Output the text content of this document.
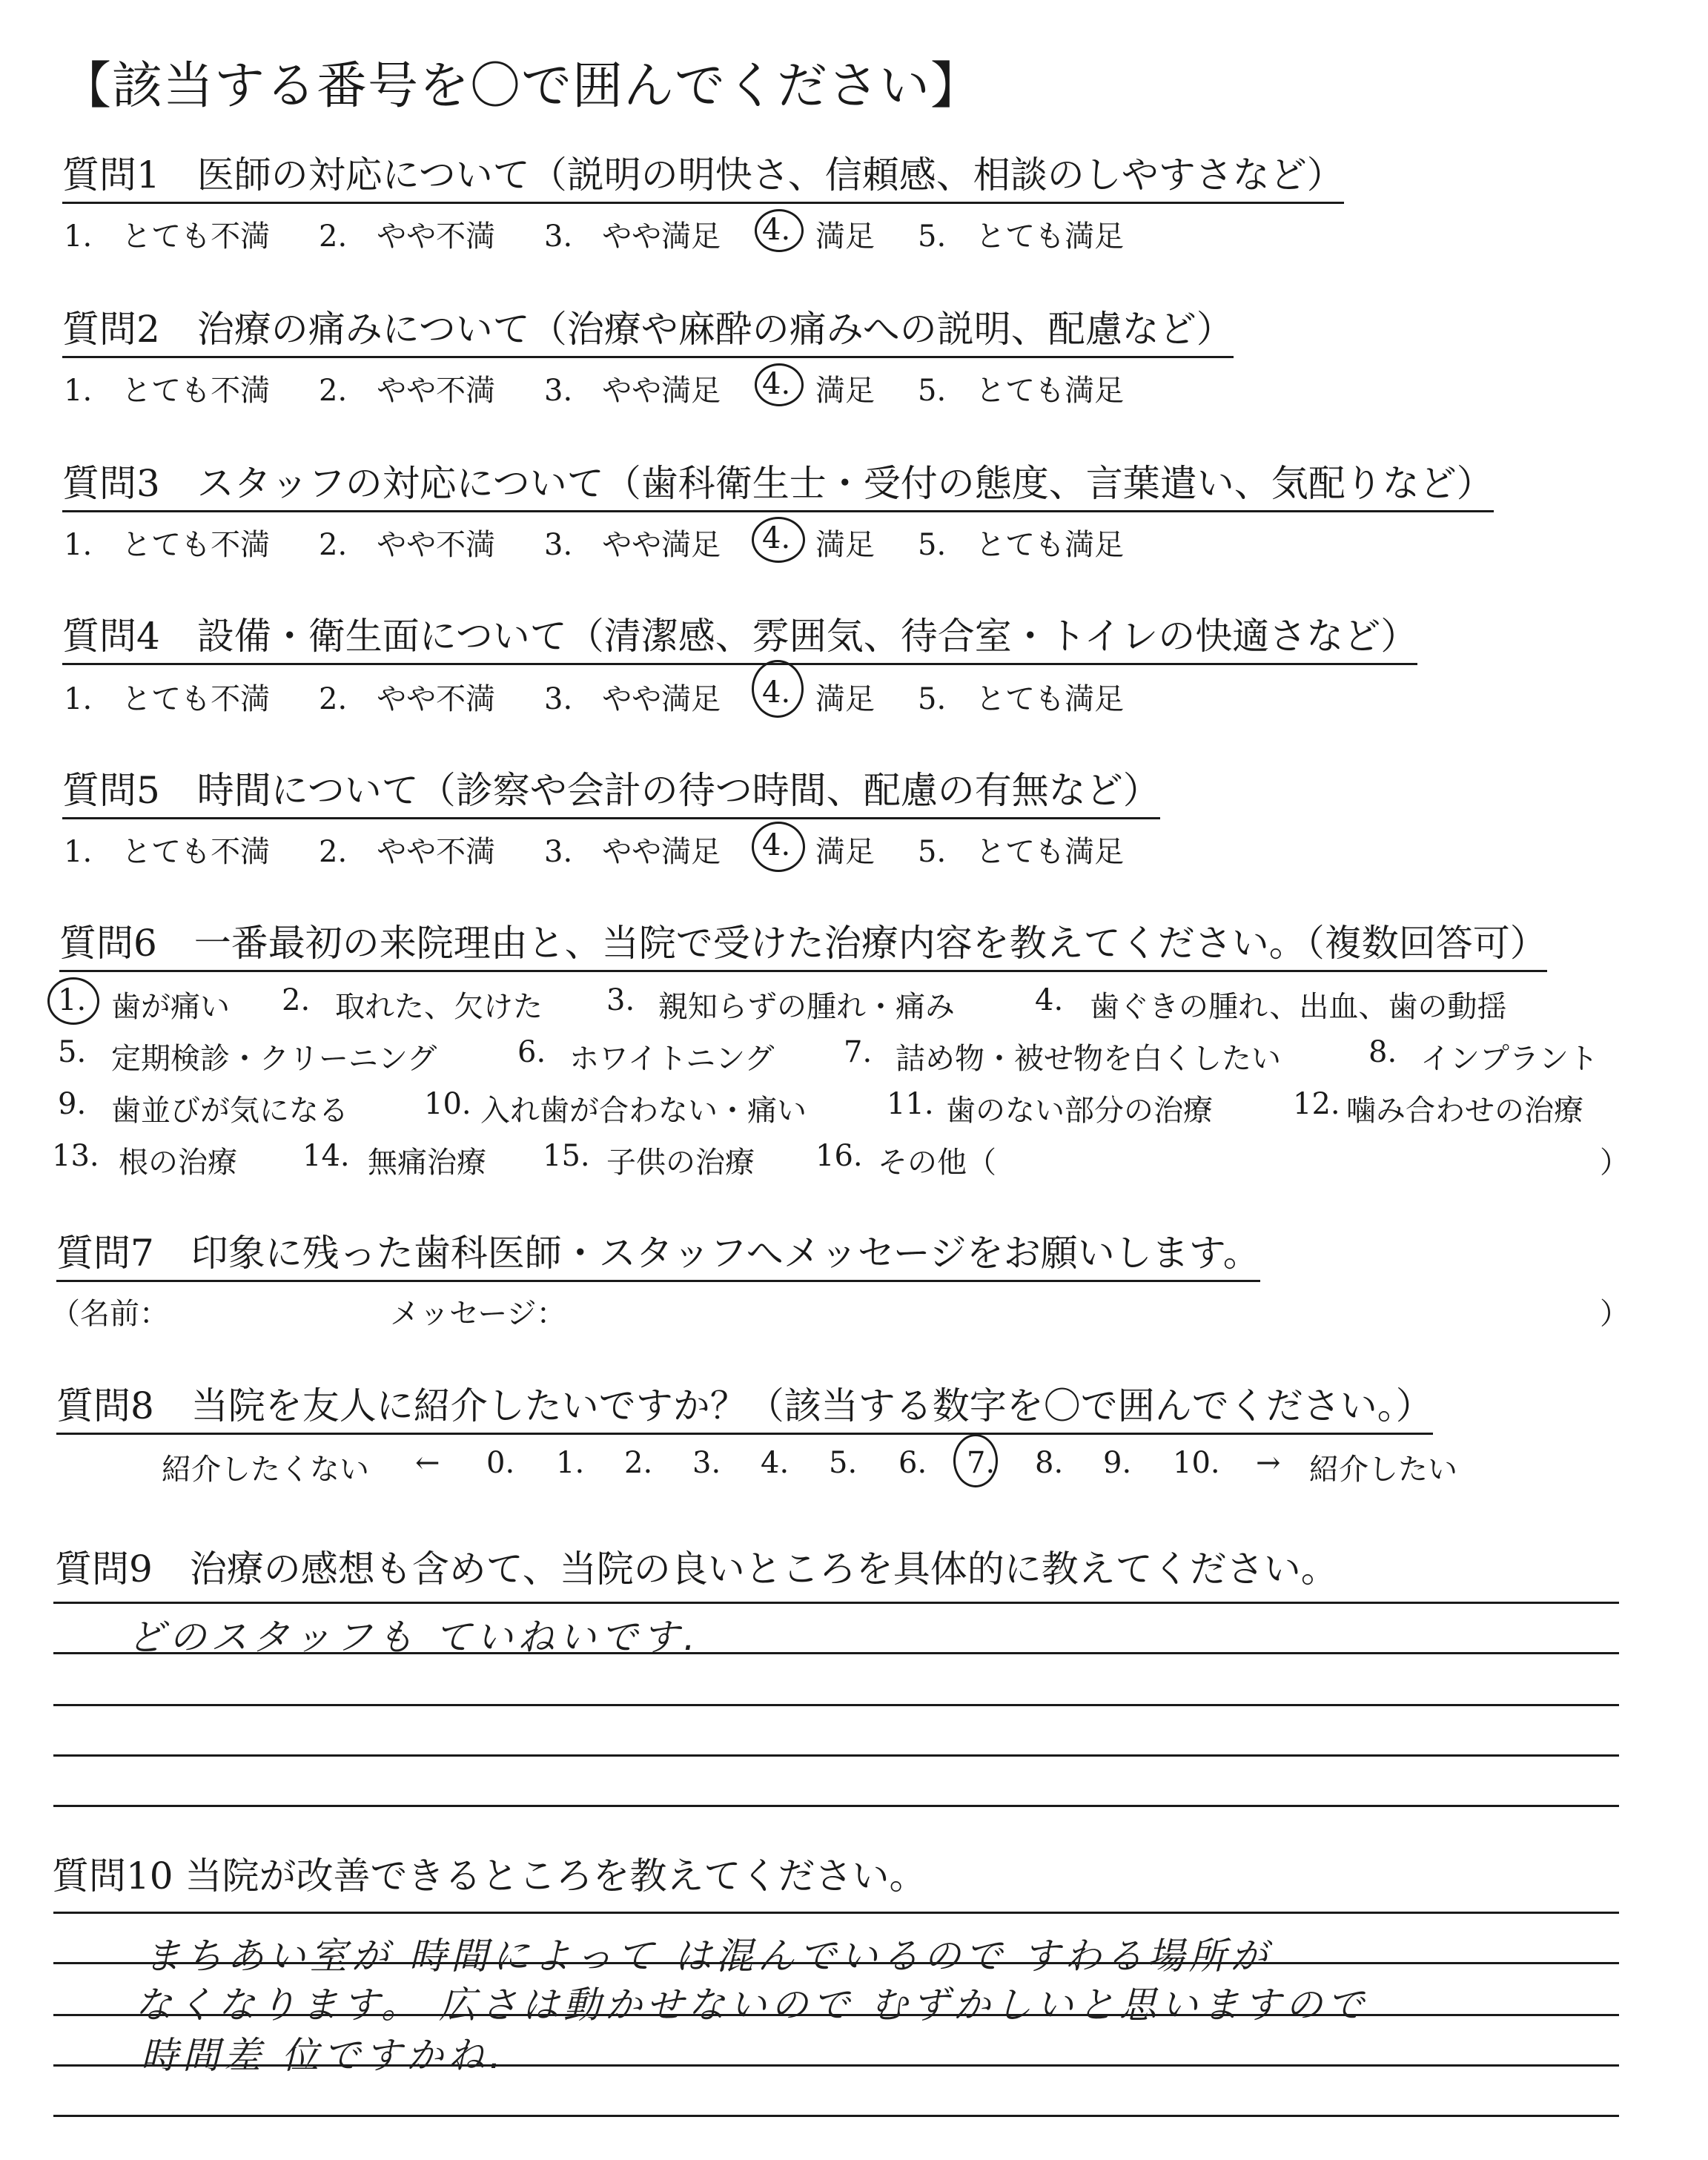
【該当する番号を〇で囲んでください】
質問1　医師の対応について（説明の明快さ、信頼感、相談のしやすさなど）
1.　とても不満 2.　やや不満 3.　やや満足 4. 満足 5.　とても満足
質問2　治療の痛みについて（治療や麻酔の痛みへの説明、配慮など）
1.　とても不満 2.　やや不満 3.　やや満足 4. 満足 5.　とても満足
質問3　スタッフの対応について（歯科衛生士・受付の態度、言葉遣い、気配りなど）
1.　とても不満 2.　やや不満 3.　やや満足 4. 満足 5.　とても満足
質問4　設備・衛生面について（清潔感、雰囲気、待合室・トイレの快適さなど）
1.　とても不満 2.　やや不満 3.　やや満足 4. 満足 5.　とても満足
質問5　時間について（診察や会計の待つ時間、配慮の有無など）
1.　とても不満 2.　やや不満 3.　やや満足 4. 満足 5.　とても満足
質問6　一番最初の来院理由と、当院で受けた治療内容を教えてください。（複数回答可）
1. 歯が痛い 2. 取れた、欠けた 3. 親知らずの腫れ・痛み	4. 歯ぐきの腫れ、出血、歯の動揺
5. 定期検診・クリーニング	6. ホワイトニング 7. 詰め物・被せ物を白くしたい	8. インプラント
9. 歯並びが気になる	10. 入れ歯が合わない・痛い	11. 歯のない部分の治療	12. 噛み合わせの治療
13. 根の治療 14. 無痛治療 15. 子供の治療 16. その他（	）
質問7　印象に残った歯科医師・スタッフへメッセージをお願いします。
（名前：	メッセージ：	）
質問8　当院を友人に紹介したいですか？（該当する数字を〇で囲んでください。）
紹介したくない ← 0. 1. 2. 3. 4. 5. 6. 7. 8. 9. 10. → 紹介したい
質問9　治療の感想も含めて、当院の良いところを具体的に教えてください。
どのスタッフも ていねいです.
質問10 当院が改善できるところを教えてください。
まちあい室が 時間によって は混んでいるので すわる場所が
なくなります。 広さは動かせないので むずかしいと思いますので
時間差 位ですかね.
